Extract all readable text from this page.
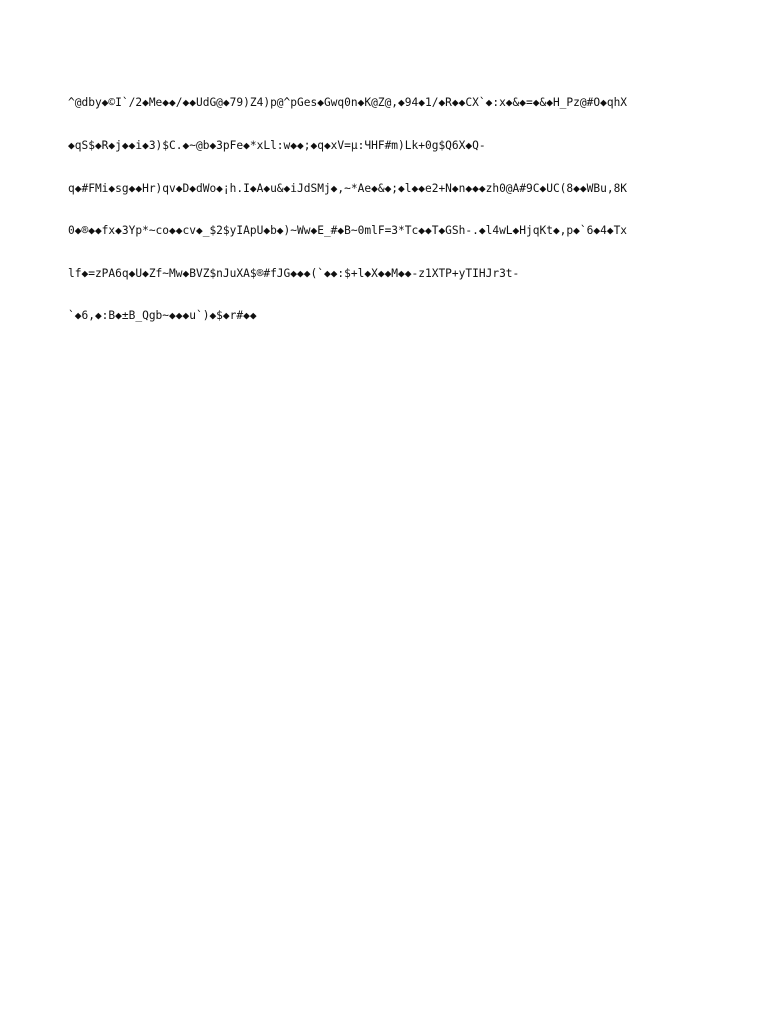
^@dby◆©I`/2◆Me◆◆/◆◆UdG@◆79)Z4)p@^pGes◆Gwq0n◆K@Z@,◆94◆1/◆R◆◆CX`◆:x◆&◆=◆&◆H_Pz@#O◆qhX

◆qS$◆R◆j◆◆i◆3)$C.◆~@b◆3pFe◆*xLl:w◆◆;◆q◆xV=μ:ЧHF#m)Lk+0g$Q6X◆Q-

q◆#FMi◆sg◆◆Hr)qv◆D◆dWo◆¡h.I◆A◆u&◆iJdSMj◆,~*Ae◆&◆;◆l◆◆e2+N◆n◆◆◆zh0@A#9C◆UC(8◆◆WBu,8K

0◆®◆◆fx◆3Yp*~co◆◆cv◆_$2$yIApU◆b◆)~Ww◆E_#◆B~0mlF=3*Tc◆◆T◆GSh-.◆l4wL◆HjqKt◆,p◆`6◆4◆Tx

lf◆=zPA6q◆U◆Zf~Mw◆BVZ$nJuXA$®#fJG◆◆◆(`◆◆:$+l◆X◆◆M◆◆-z1XTP+yTIHJr3t-

`◆6,◆:B◆±B_Qgb~◆◆◆u`)◆$◆r#◆◆
